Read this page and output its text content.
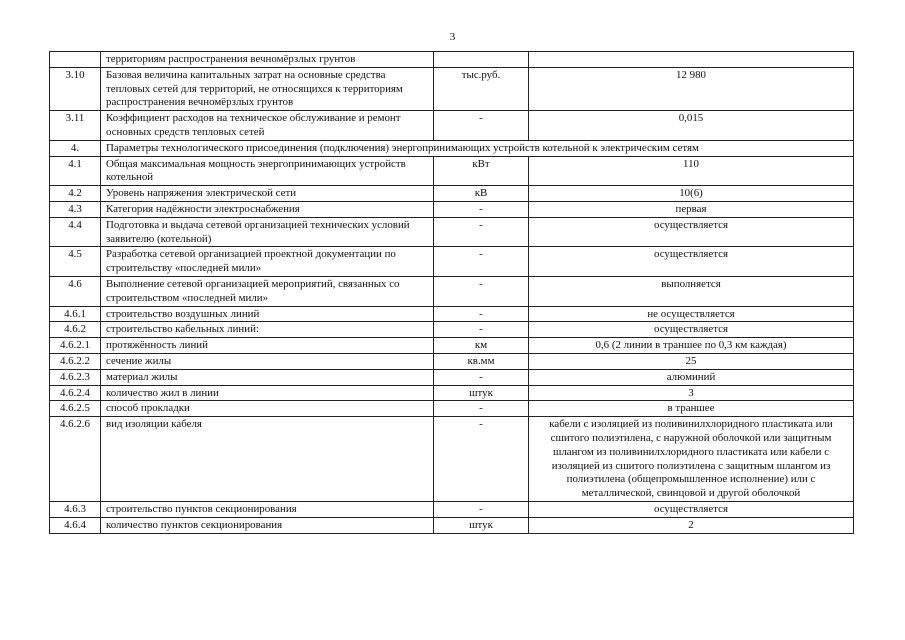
3
	территориям распространения вечномёрзлых грунтов		
3.10	Базовая величина капитальных затрат на основные средства тепловых сетей для территорий, не относящихся к территориям распространения вечномёрзлых грунтов	тыс.руб.	12 980
3.11	Коэффициент расходов на техническое обслуживание и ремонт основных средств тепловых сетей	-	0,015
4.	Параметры технологического присоединения (подключения) энергопринимающих устройств котельной к электрическим сетям		
4.1	Общая максимальная мощность энергопринимающих устройств котельной	кВт	110
4.2	Уровень напряжения электрической сети	кВ	10(6)
4.3	Категория надёжности электроснабжения	-	первая
4.4	Подготовка и выдача сетевой организацией технических условий заявителю (котельной)	-	осуществляется
4.5	Разработка сетевой организацией проектной документации по строительству «последней мили»	-	осуществляется
4.6	Выполнение сетевой организацией мероприятий, связанных со строительством «последней мили»	-	выполняется
4.6.1	строительство воздушных линий	-	не осуществляется
4.6.2	строительство кабельных линий:	-	осуществляется
4.6.2.1	протяжённость линий	км	0,6 (2 линии в траншее по 0,3 км каждая)
4.6.2.2	сечение жилы	кв.мм	25
4.6.2.3	материал жилы	-	алюминий
4.6.2.4	количество жил в линии	штук	3
4.6.2.5	способ прокладки	-	в траншее
4.6.2.6	вид изоляции кабеля	-	кабели с изоляцией из поливинилхлоридного пластиката или сшитого полиэтилена, с наружной оболочкой или защитным шлангом из поливинилхлоридного пластиката или кабели с изоляцией из сшитого полиэтилена с защитным шлангом из полиэтилена (общепромышленное исполнение) или с металлической, свинцовой и другой оболочкой
4.6.3	строительство пунктов секционирования	-	осуществляется
4.6.4	количество пунктов секционирования	штук	2
